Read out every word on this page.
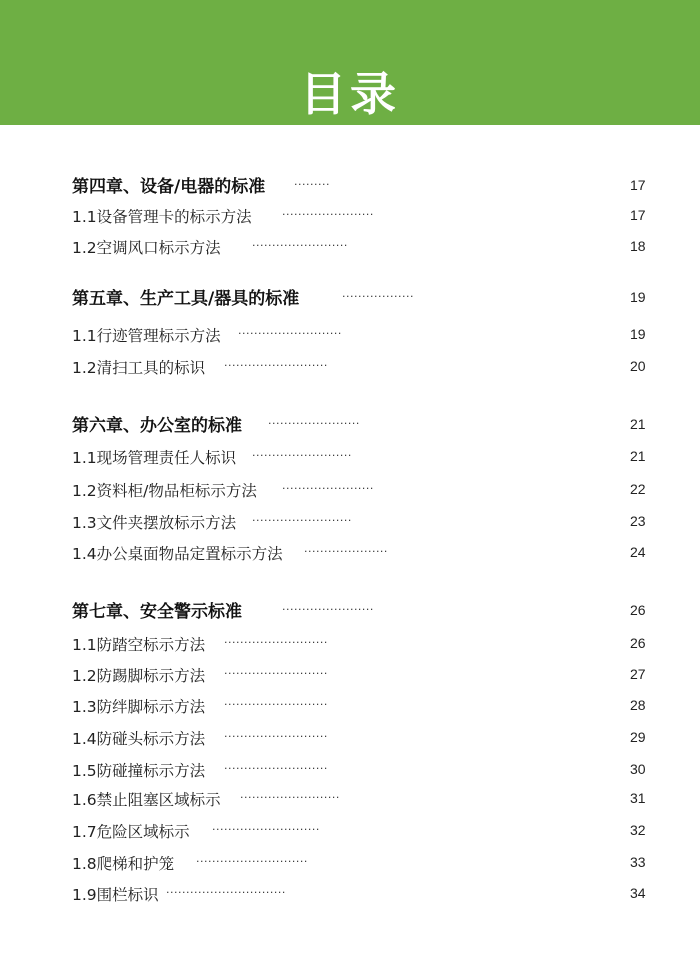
目录
第四章、设备/电器的标准	·········	17
1.1设备管理卡的标示方法	·······················	17
1.2空调风口标示方法	························	18
第五章、生产工具/器具的标准	··················	19
1.1行迹管理标示方法 ··························	19
1.2清扫工具的标识 ··························	20
第六章、办公室的标准 ·······················	21
1.1现场管理责任人标识 ·························	21
1.2资料柜/物品柜标示方法 ·······················	22
1.3文件夹摆放标示方法 ·························	23
1.4办公桌面物品定置标示方法 ·····················	24
第七章、安全警示标准	·······················	26
1.1防踏空标示方法 ··························	26
1.2防踢脚标示方法 ··························	27
1.3防绊脚标示方法 ··························	28
1.4防碰头标示方法 ··························	29
1.5防碰撞标示方法 ··························	30
1.6禁止阻塞区域标示 ·························	31
1.7危险区域标示 ···························	32
1.8爬梯和护笼 ····························	33
1.9围栏标识 ······························	34
